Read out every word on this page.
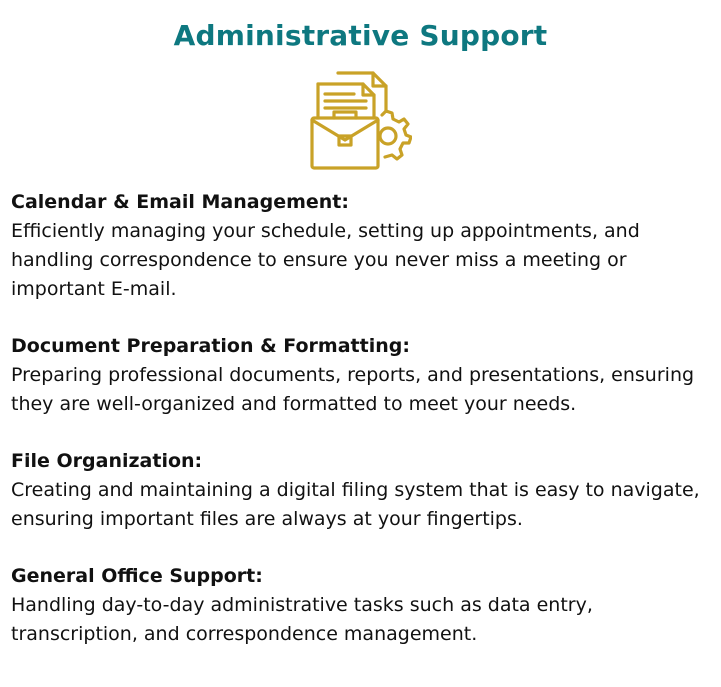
Administrative Support

Calendar & Email Management:

Efficiently managing your schedule, setting up appointments, and handling correspondence to ensure you never miss a meeting or important E-mail.

Document Preparation & Formatting:

Preparing professional documents, reports, and presentations, ensuring they are well-organized and formatted to meet your needs.

File Organization:

Creating and maintaining a digital filing system that is easy to navigate, ensuring important files are always at your fingertips.

General Office Support:

Handling day-to-day administrative tasks such as data entry, transcription, and correspondence management.
